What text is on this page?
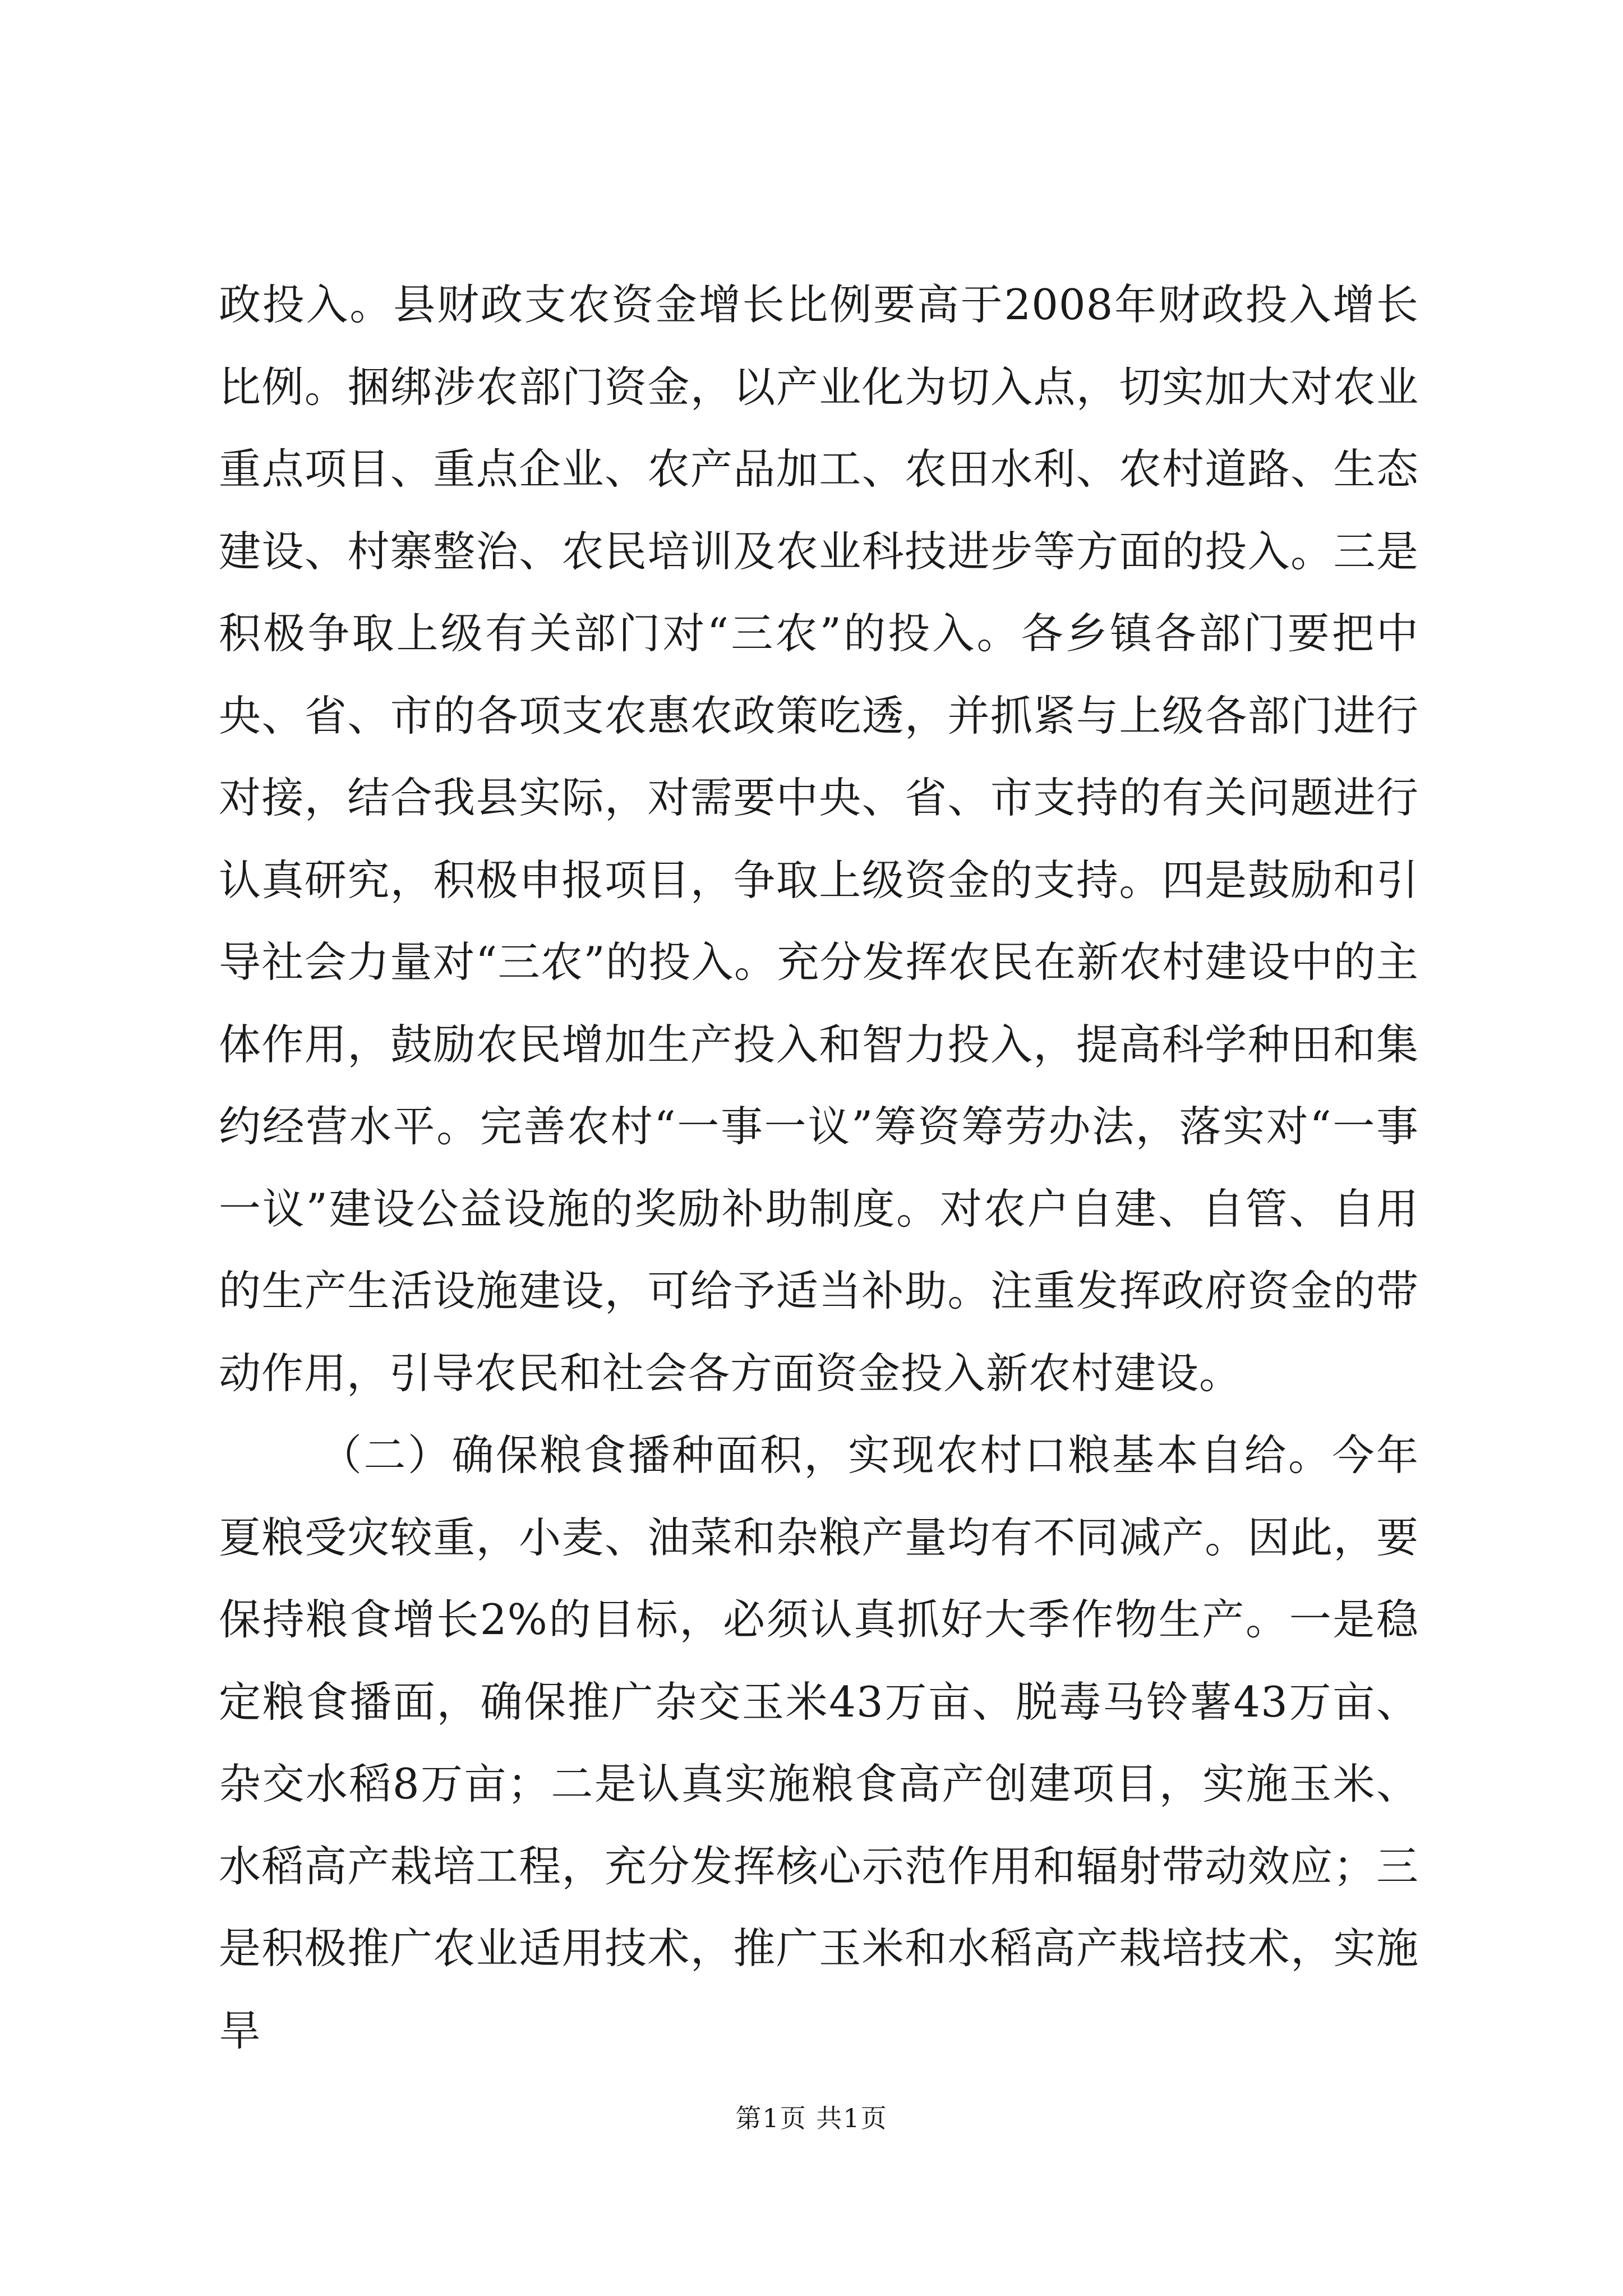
政投入。县财政支农资金增长比例要高于2008年财政投入增长比例。捆绑涉农部门资金，以产业化为切入点，切实加大对农业重点项目、重点企业、农产品加工、农田水利、农村道路、生态建设、村寨整治、农民培训及农业科技进步等方面的投入。三是积极争取上级有关部门对“三农”的投入。各乡镇各部门要把中央、省、市的各项支农惠农政策吃透，并抓紧与上级各部门进行对接，结合我县实际，对需要中央、省、市支持的有关问题进行认真研究，积极申报项目，争取上级资金的支持。四是鼓励和引导社会力量对“三农”的投入。充分发挥农民在新农村建设中的主体作用，鼓励农民增加生产投入和智力投入，提高科学种田和集约经营水平。完善农村“一事一议”筹资筹劳办法，落实对“一事一议”建设公益设施的奖励补助制度。对农户自建、自管、自用的生产生活设施建设，可给予适当补助。注重发挥政府资金的带动作用，引导农民和社会各方面资金投入新农村建设。

（二）确保粮食播种面积，实现农村口粮基本自给。今年夏粮受灾较重，小麦、油菜和杂粮产量均有不同减产。因此，要保持粮食增长2%的目标，必须认真抓好大季作物生产。一是稳定粮食播面，确保推广杂交玉米43万亩、脱毒马铃薯43万亩、杂交水稻8万亩；二是认真实施粮食高产创建项目，实施玉米、水稻高产栽培工程，充分发挥核心示范作用和辐射带动效应；三是积极推广农业适用技术，推广玉米和水稻高产栽培技术，实施旱

第1页 共1页
